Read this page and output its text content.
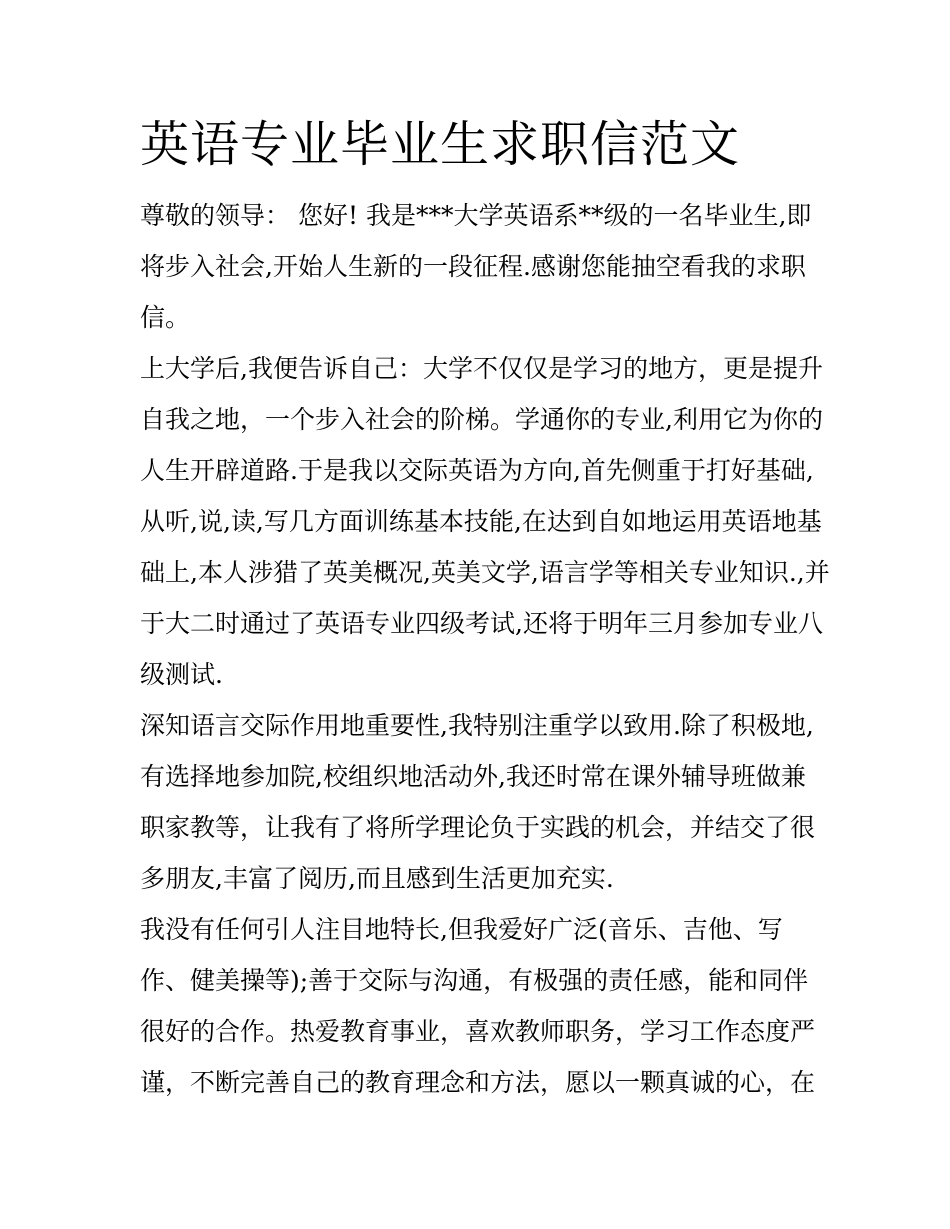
英语专业毕业生求职信范文

尊敬的领导： 您好! 我是***大学英语系**级的一名毕业生,即将步入社会,开始人生新的一段征程.感谢您能抽空看我的求职信。

上大学后,我便告诉自己：大学不仅仅是学习的地方，更是提升自我之地，一个步入社会的阶梯。学通你的专业,利用它为你的人生开辟道路.于是我以交际英语为方向,首先侧重于打好基础,从听,说,读,写几方面训练基本技能,在达到自如地运用英语地基础上,本人涉猎了英美概况,英美文学,语言学等相关专业知识.,并于大二时通过了英语专业四级考试,还将于明年三月参加专业八级测试.

深知语言交际作用地重要性,我特别注重学以致用.除了积极地,有选择地参加院,校组织地活动外,我还时常在课外辅导班做兼职家教等，让我有了将所学理论负于实践的机会，并结交了很多朋友,丰富了阅历,而且感到生活更加充实.

我没有任何引人注目地特长,但我爱好广泛(音乐、吉他、写作、健美操等);善于交际与沟通，有极强的责任感，能和同伴很好的合作。热爱教育事业，喜欢教师职务，学习工作态度严谨，不断完善自己的教育理念和方法，愿以一颗真诚的心，在
